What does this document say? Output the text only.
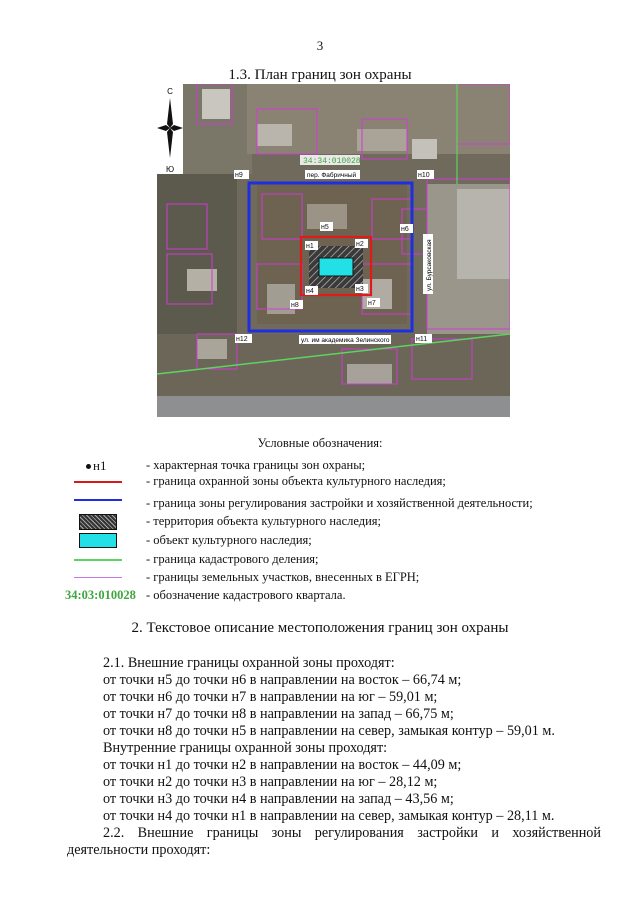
3
1.3. План границ зон охраны
С
Ю
34:34:010028
пер. Фабричный
ул. им академика Зелинского
ул. Бурсаковская
н1	н2
н3
н4
н5	н6
н7
н8
н9	н10
н11
н12
Условные обозначения:
н1	- характерная точка границы зон охраны;
- граница охранной зоны объекта культурного наследия;
- граница зоны регулирования застройки и хозяйственной деятельности;
- территория объекта культурного наследия;
- объект культурного наследия;
- граница кадастрового деления;
- границы земельных участков, внесенных в ЕГРН;
34:03:010028 - обозначение кадастрового квартала.
2. Текстовое описание местоположения границ зон охраны
2.1. Внешние границы охранной зоны проходят:
от точки н5 до точки н6 в направлении на восток – 66,74 м;
от точки н6 до точки н7 в направлении на юг – 59,01 м;
от точки н7 до точки н8 в направлении на запад – 66,75 м;
от точки н8 до точки н5 в направлении на север, замыкая контур – 59,01 м.
Внутренние границы охранной зоны проходят:
от точки н1 до точки н2 в направлении на восток – 44,09 м;
от точки н2 до точки н3 в направлении на юг – 28,12 м;
от точки н3 до точки н4 в направлении на запад – 43,56 м;
от точки н4 до точки н1 в направлении на север, замыкая контур – 28,11 м.
2.2. Внешние границы зоны регулирования застройки и хозяйственной
деятельности проходят:
